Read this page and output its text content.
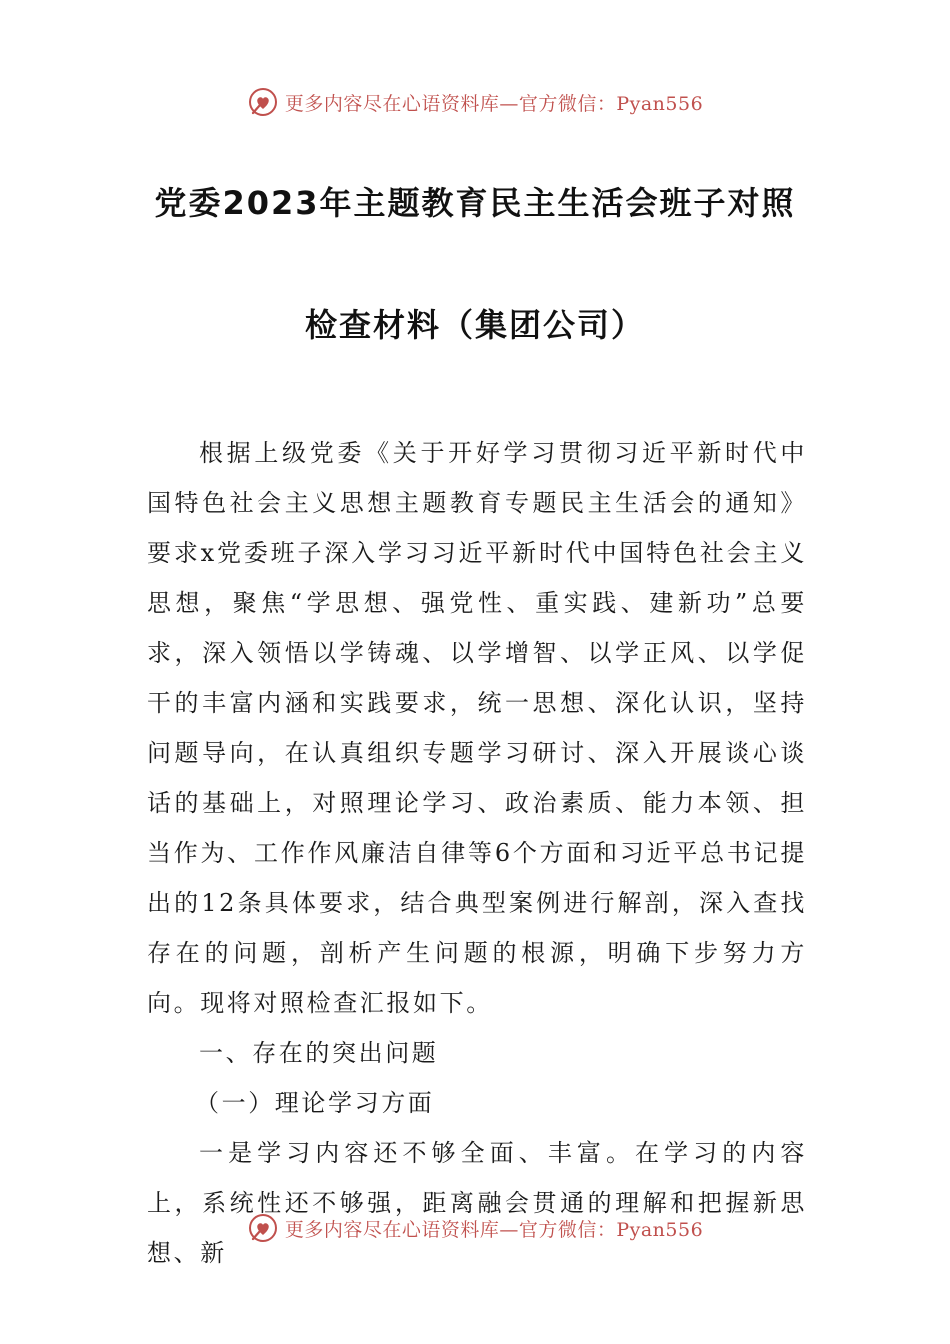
更多内容尽在心语资料库—官方微信：Pyan556
党委2023年主题教育民主生活会班子对照
检查材料（集团公司）

根据上级党委《关于开好学习贯彻习近平新时代中国特色社会主义思想主题教育专题民主生活会的通知》要求x党委班子深入学习习近平新时代中国特色社会主义思想，聚焦“学思想、强党性、重实践、建新功”总要求，深入领悟以学铸魂、以学增智、以学正风、以学促干的丰富内涵和实践要求，统一思想、深化认识，坚持问题导向，在认真组织专题学习研讨、深入开展谈心谈话的基础上，对照理论学习、政治素质、能力本领、担当作为、工作作风廉洁自律等6个方面和习近平总书记提出的12条具体要求，结合典型案例进行解剖，深入查找存在的问题，剖析产生问题的根源，明确下步努力方向。现将对照检查汇报如下。

一、存在的突出问题

（一）理论学习方面

一是学习内容还不够全面、丰富。在学习的内容上，系统性还不够强，距离融会贯通的理解和把握新思想、新

更多内容尽在心语资料库—官方微信：Pyan556
